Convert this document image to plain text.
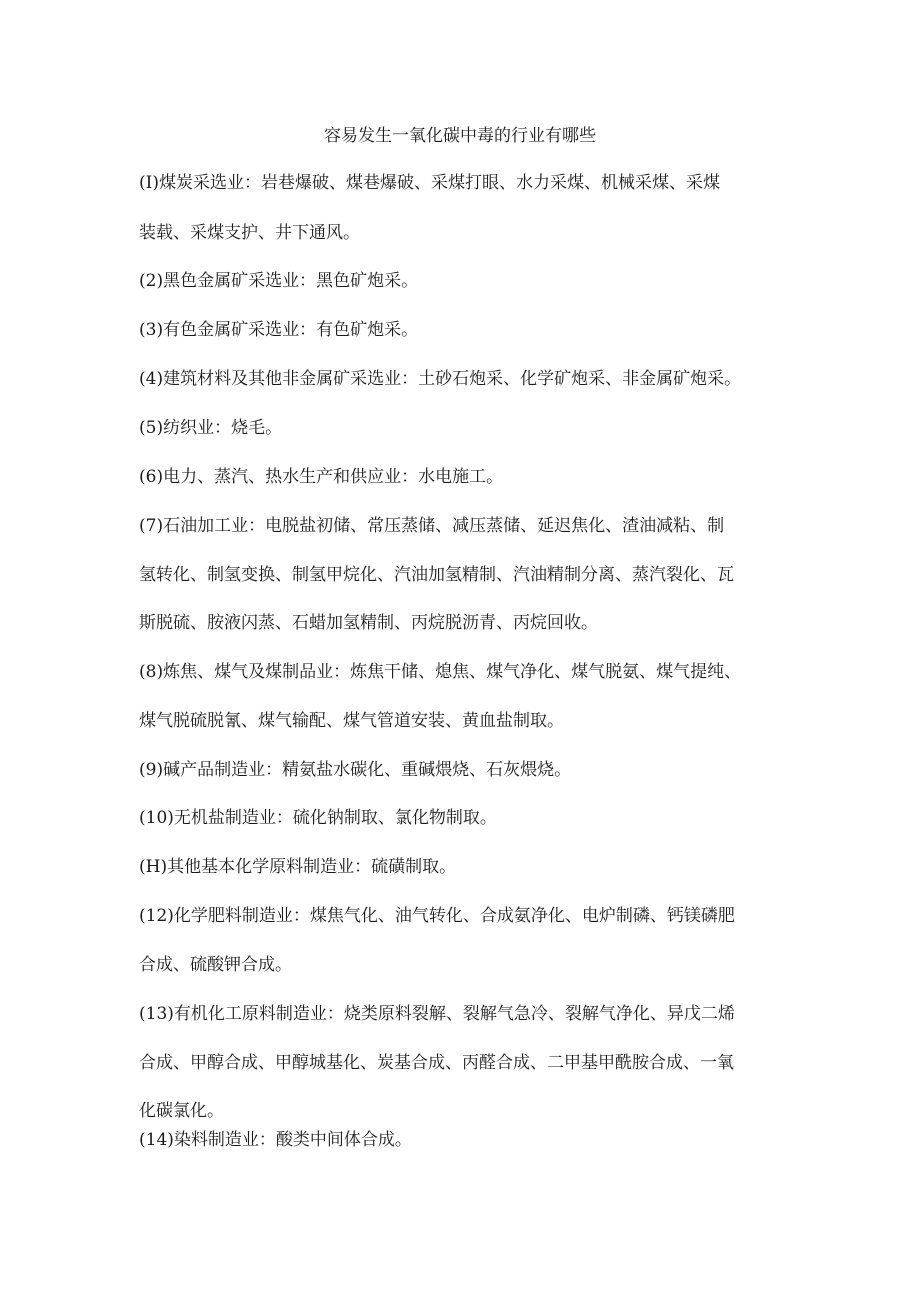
容易发生一氧化碳中毒的行业有哪些
(I)煤炭采选业：岩巷爆破、煤巷爆破、采煤打眼、水力采煤、机械采煤、采煤
装载、采煤支护、井下通风。
(2)黑色金属矿采选业：黑色矿炮采。
(3)有色金属矿采选业：有色矿炮采。
(4)建筑材料及其他非金属矿采选业：土砂石炮采、化学矿炮采、非金属矿炮采。
(5)纺织业：烧毛。
(6)电力、蒸汽、热水生产和供应业：水电施工。
(7)石油加工业：电脱盐初储、常压蒸储、减压蒸储、延迟焦化、渣油减粘、制
氢转化、制氢变换、制氢甲烷化、汽油加氢精制、汽油精制分离、蒸汽裂化、瓦
斯脱硫、胺液闪蒸、石蜡加氢精制、丙烷脱沥青、丙烷回收。
(8)炼焦、煤气及煤制品业：炼焦干储、熄焦、煤气净化、煤气脱氨、煤气提纯、
煤气脱硫脱氰、煤气输配、煤气管道安装、黄血盐制取。
(9)碱产品制造业：精氨盐水碳化、重碱煨烧、石灰煨烧。
(10)无机盐制造业：硫化钠制取、氯化物制取。
(H)其他基本化学原料制造业：硫磺制取。
(12)化学肥料制造业：煤焦气化、油气转化、合成氨净化、电炉制磷、钙镁磷肥
合成、硫酸钾合成。
(13)有机化工原料制造业：烧类原料裂解、裂解气急冷、裂解气净化、异戊二烯
合成、甲醇合成、甲醇城基化、炭基合成、丙醛合成、二甲基甲酰胺合成、一氧
化碳氯化。
(14)染料制造业：酸类中间体合成。
